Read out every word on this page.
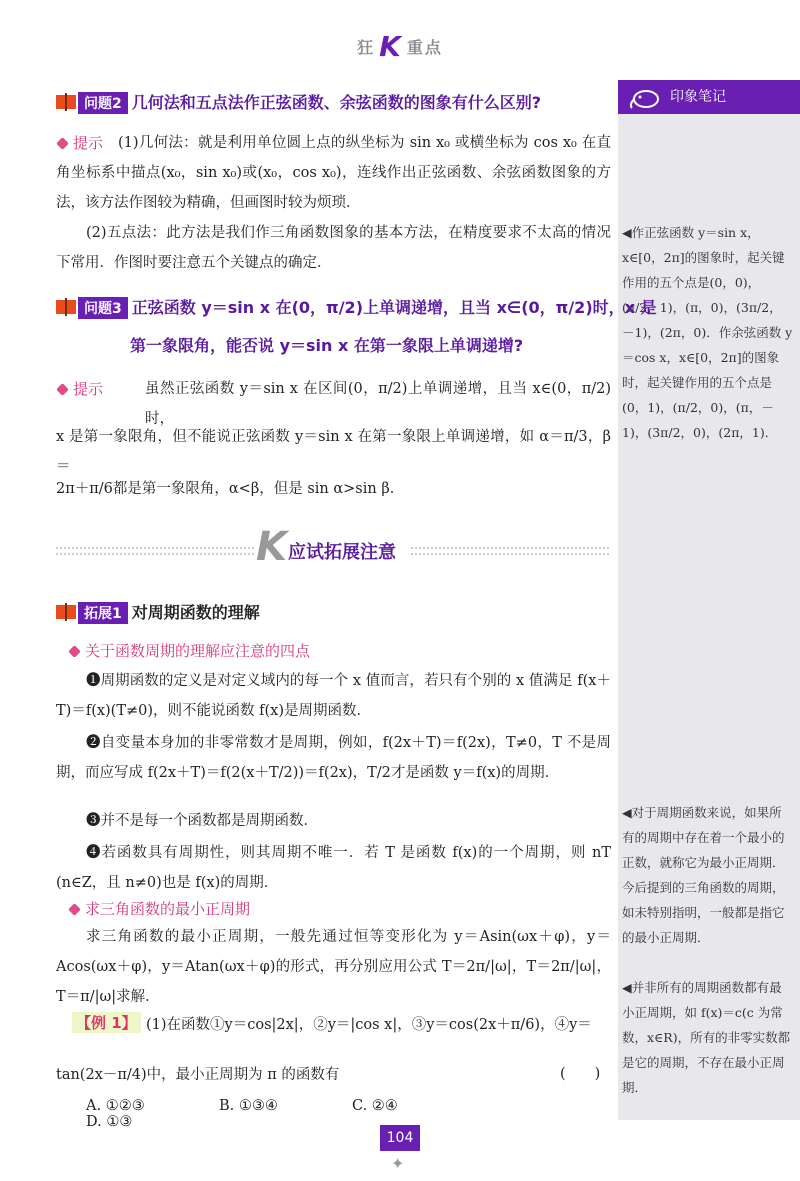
狂 K 重点
印象笔记
◀作正弦函数 y＝sin x，x∈[0，2π]的图象时，起关键作用的五个点是(0，0)，(π/2，1)，(π，0)，(3π/2，－1)，(2π，0)．作余弦函数 y＝cos x，x∈[0，2π]的图象时，起关键作用的五个点是(0，1)，(π/2，0)，(π，－1)，(3π/2，0)，(2π，1)．
◀对于周期函数来说，如果所有的周期中存在着一个最小的正数，就称它为最小正周期．今后提到的三角函数的周期，如未特别指明，一般都是指它的最小正周期．
◀并非所有的周期函数都有最小正周期，如 f(x)＝c(c 为常数，x∈R)，所有的非零实数都是它的周期，不存在最小正周期．
问题2 几何法和五点法作正弦函数、余弦函数的图象有什么区别?
提示	(1)几何法：就是利用单位圆上点的纵坐标为 sin x₀ 或横坐标为 cos x₀ 在直角坐标系中描点(x₀，sin x₀)或(x₀，cos x₀)，连线作出正弦函数、余弦函数图象的方法，该方法作图较为精确，但画图时较为烦琐．
(2)五点法：此方法是我们作三角函数图象的基本方法，在精度要求不太高的情况下常用．作图时要注意五个关键点的确定．
问题3 正弦函数 y＝sin x 在(0，π/2)上单调递增，且当 x∈(0，π/2)时，x 是
第一象限角，能否说 y＝sin x 在第一象限上单调递增?
提示	虽然正弦函数 y＝sin x 在区间(0，π/2)上单调递增，且当 x∈(0，π/2)时，
x 是第一象限角，但不能说正弦函数 y＝sin x 在第一象限上单调递增，如 α＝π/3，β＝
2π＋π/6都是第一象限角，α<β，但是 sin α>sin β．
K 应试拓展注意
拓展1 对周期函数的理解
关于函数周期的理解应注意的四点
❶周期函数的定义是对定义域内的每一个 x 值而言，若只有个别的 x 值满足 f(x＋T)＝f(x)(T≠0)，则不能说函数 f(x)是周期函数．
❷自变量本身加的非零常数才是周期，例如，f(2x＋T)＝f(2x)，T≠0，T 不是周期，而应写成 f(2x＋T)＝f(2(x＋T/2))＝f(2x)，T/2才是函数 y＝f(x)的周期．
❸并不是每一个函数都是周期函数．
❹若函数具有周期性，则其周期不唯一．若 T 是函数 f(x)的一个周期，则 nT (n∈Z，且 n≠0)也是 f(x)的周期．
求三角函数的最小正周期
求三角函数的最小正周期，一般先通过恒等变形化为 y＝Asin(ωx＋φ)，y＝Acos(ωx＋φ)，y＝Atan(ωx＋φ)的形式，再分别应用公式 T＝2π/|ω|，T＝2π/|ω|，T＝π/|ω|求解．
【例 1】 (1)在函数①y＝cos|2x|，②y＝|cos x|，③y＝cos(2x＋π/6)，④y＝
tan(2x－π/4)中，最小正周期为 π 的函数有	(　　)
A. ①②③	B. ①③④	C. ②④D. ①③
104
✦
